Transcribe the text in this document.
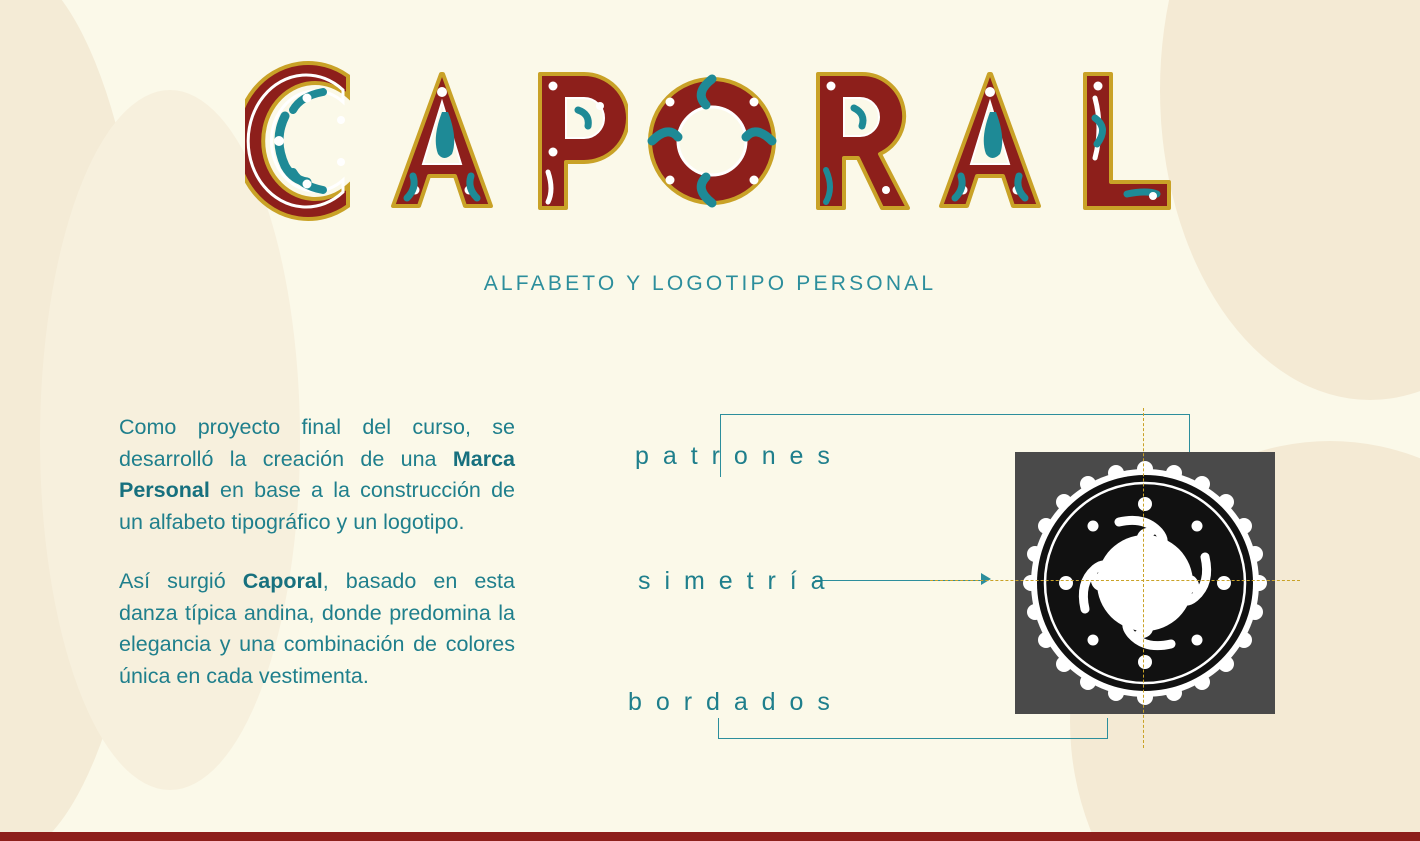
ALFABETO Y LOGOTIPO PERSONAL

Como proyecto final del curso, se desarrolló la creación de una Marca Personal en base a la construcción de un alfabeto tipográfico y un logotipo.

Así surgió Caporal, basado en esta danza típica andina, donde predomina la elegancia y una combinación de colores única en cada vestimenta.

p a t r o n e s
s i m e t r í a
b o r d a d o s
